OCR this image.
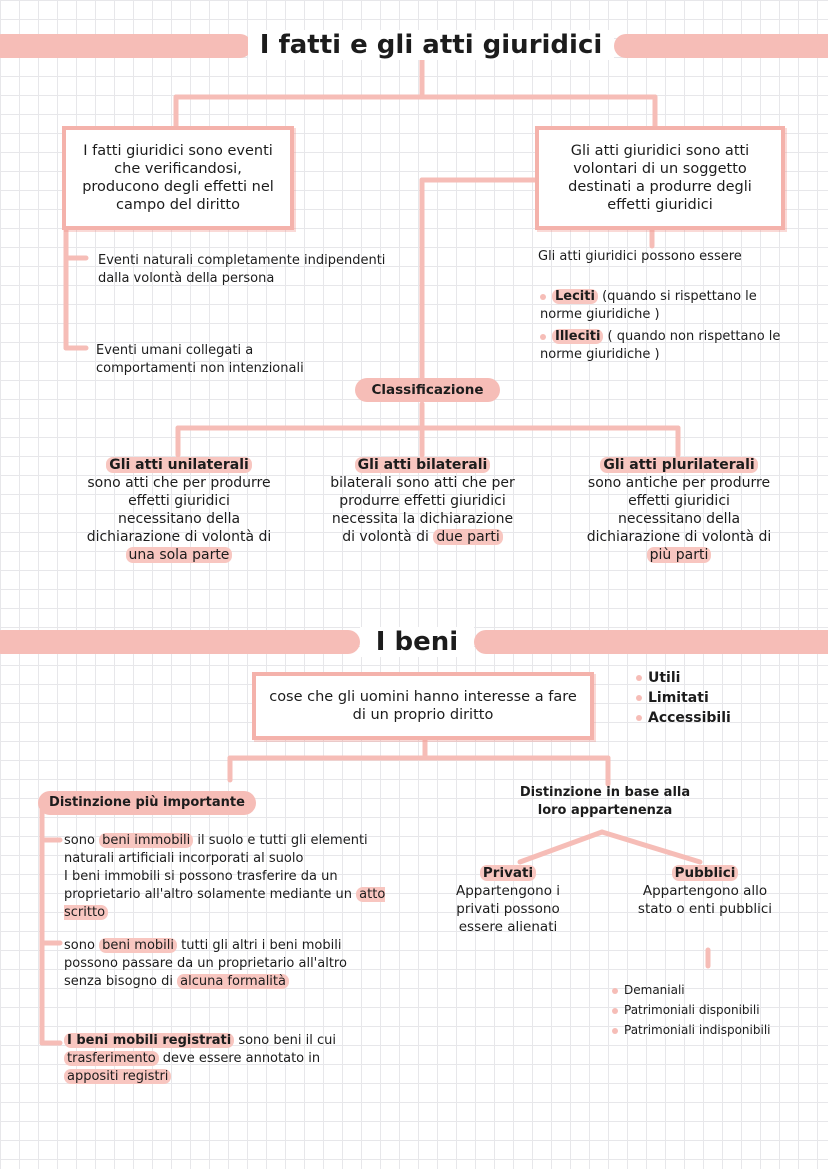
I fatti e gli atti giuridici
I fatti giuridici sono eventi che verificandosi, producono degli effetti nel campo del diritto
Gli atti giuridici sono atti volontari di un soggetto destinati a produrre degli effetti giuridici
Eventi naturali completamente indipendenti dalla volontà della persona
Eventi umani collegati a comportamenti non intenzionali
Gli atti giuridici possono essere
Leciti (quando si rispettano le norme giuridiche )
Illeciti ( quando non rispettano le norme giuridiche )
Classificazione
Gli atti unilaterali
sono atti che per produrre effetti giuridici necessitano della dichiarazione di volontà di una sola parte
Gli atti bilaterali
bilaterali sono atti che per produrre effetti giuridici necessita la dichiarazione di volontà di due parti
Gli atti plurilaterali
sono antiche per produrre effetti giuridici necessitano della dichiarazione di volontà di più parti
I beni
cose che gli uomini hanno interesse a fare di un proprio diritto
Utili
Limitati
Accessibili
Distinzione più importante
Distinzione in base alla loro appartenenza
sono beni immobili il suolo e tutti gli elementi naturali artificiali incorporati al suolo
I beni immobili si possono trasferire da un proprietario all'altro solamente mediante un atto scritto
sono beni mobili tutti gli altri i beni mobili possono passare da un proprietario all'altro senza bisogno di alcuna formalità
I beni mobili registrati sono beni il cui trasferimento deve essere annotato in appositi registri
Privati
Appartengono i privati possono essere alienati
Pubblici
Appartengono allo stato o enti pubblici
Demaniali
Patrimoniali disponibili
Patrimoniali indisponibili
